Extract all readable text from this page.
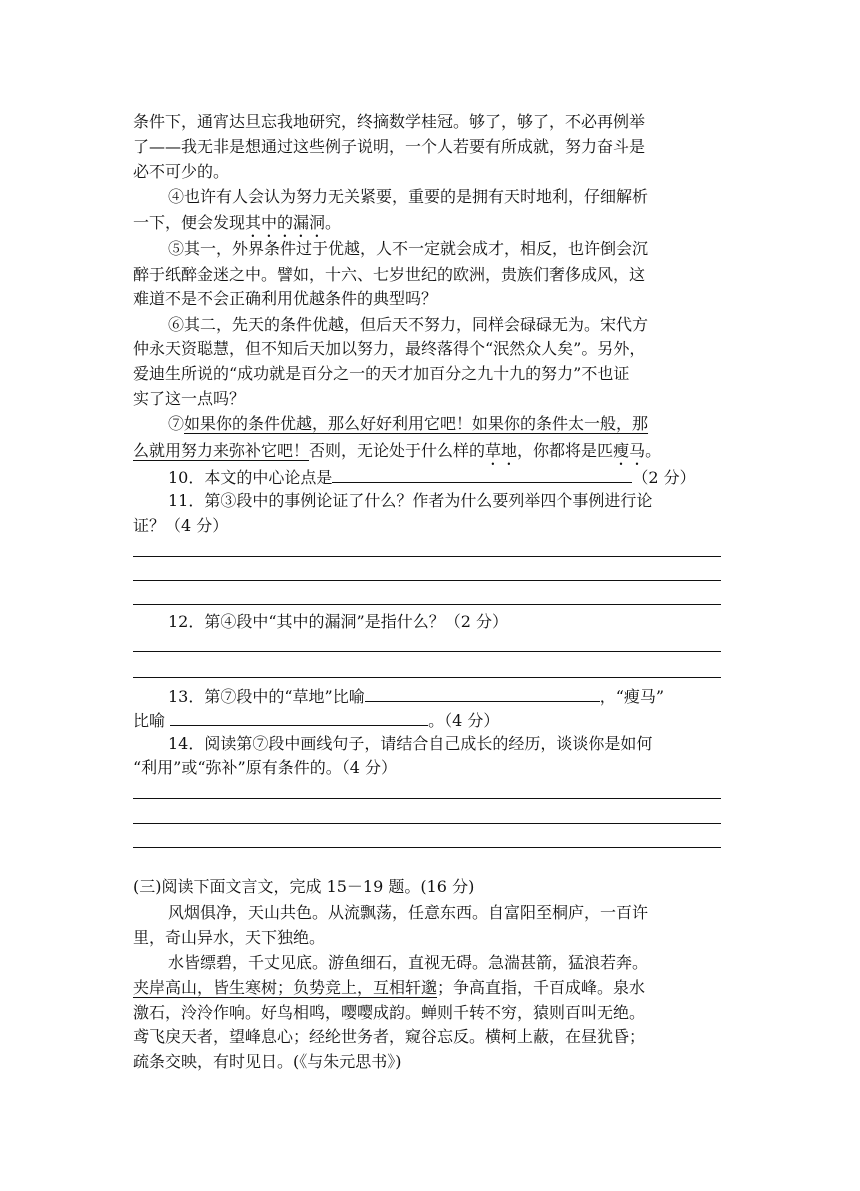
条件下，通宵达旦忘我地研究，终摘数学桂冠。够了，够了，不必再例举
了——我无非是想通过这些例子说明，一个人若要有所成就，努力奋斗是
必不可少的。
④也许有人会认为努力无关紧要，重要的是拥有天时地利，仔细解析
一下，便会发现其中的漏洞。
⑤其一，外界条件过于优越，人不一定就会成才，相反，也许倒会沉
醉于纸醉金迷之中。譬如，十六、七岁世纪的欧洲，贵族们奢侈成风，这
难道不是不会正确利用优越条件的典型吗？
⑥其二，先天的条件优越，但后天不努力，同样会碌碌无为。宋代方
仲永天资聪慧，但不知后天加以努力，最终落得个“泯然众人矣”。另外，
爱迪生所说的“成功就是百分之一的天才加百分之九十九的努力”不也证
实了这一点吗？
⑦如果你的条件优越，那么好好利用它吧！如果你的条件太一般，那
么就用努力来弥补它吧！否则，无论处于什么样的草地，你都将是匹瘦马。
10．本文的中心论点是	（2 分）
11．第③段中的事例论证了什么？作者为什么要列举四个事例进行论
证？（4 分）
12．第④段中“其中的漏洞”是指什么？（2 分）
13．第⑦段中的“草地”比喻	，“瘦马”
比喻	。（4 分）
14．阅读第⑦段中画线句子，请结合自己成长的经历，谈谈你是如何
“利用”或“弥补”原有条件的。（4 分）
(三)阅读下面文言文，完成 15－19 题。(16 分)
风烟俱净，天山共色。从流飘荡，任意东西。自富阳至桐庐，一百许
里，奇山异水，天下独绝。
水皆缥碧，千丈见底。游鱼细石，直视无碍。急湍甚箭，猛浪若奔。
夹岸高山，皆生寒树；负势竞上，互相轩邈；争高直指，千百成峰。泉水
激石，泠泠作响。好鸟相鸣，嘤嘤成韵。蝉则千转不穷，猿则百叫无绝。
鸢飞戾天者，望峰息心；经纶世务者，窥谷忘反。横柯上蔽，在昼犹昏；
疏条交映，有时见日。(《与朱元思书》)
